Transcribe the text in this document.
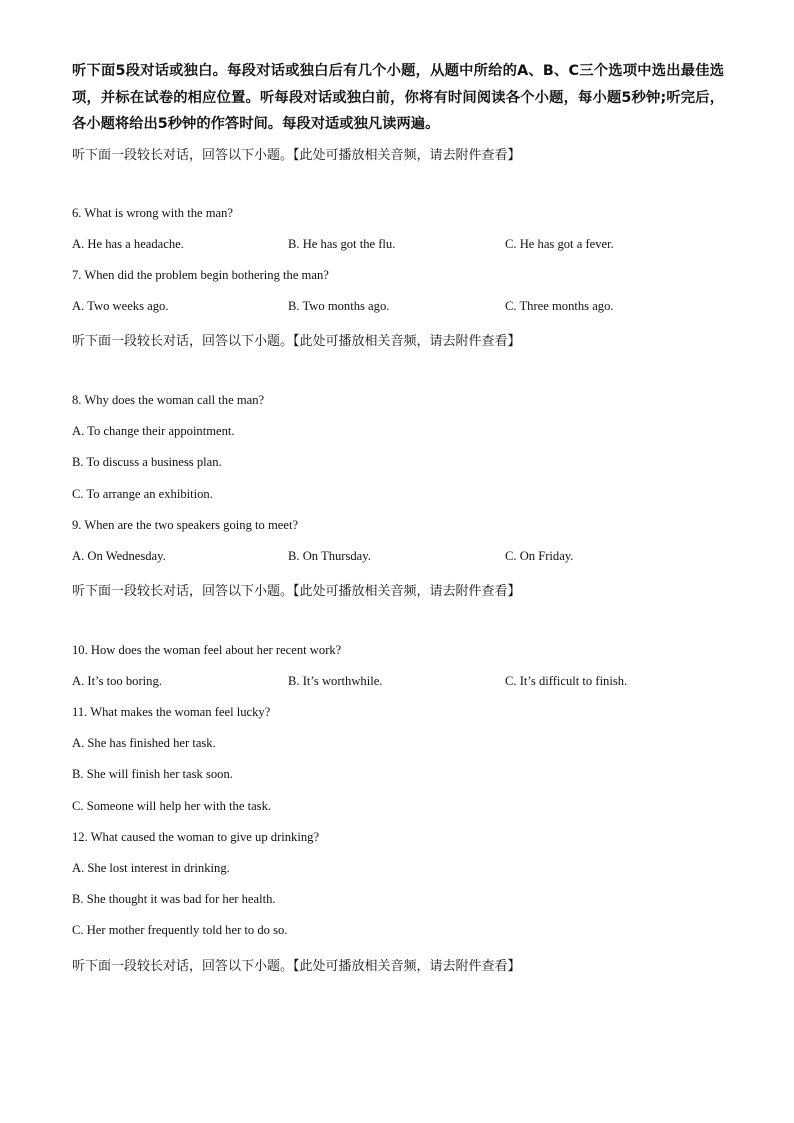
听下面5段对话或独白。每段对话或独白后有几个小题，从题中所给的A、B、C三个选项中选出最佳选项，并标在试卷的相应位置。听每段对话或独白前，你将有时间阅读各个小题，每小题5秒钟;听完后，各小题将给出5秒钟的作答时间。每段对适或独凡读两遍。
听下面一段较长对话，回答以下小题。【此处可播放相关音频，请去附件查看】
6. What is wrong with the man?
A. He has a headache.	B. He has got the flu.	C. He has got a fever.
7. When did the problem begin bothering the man?
A. Two weeks ago.	B. Two months ago.	C. Three months ago.
听下面一段较长对话，回答以下小题。【此处可播放相关音频，请去附件查看】
8. Why does the woman call the man?
A. To change their appointment.
B. To discuss a business plan.
C. To arrange an exhibition.
9. When are the two speakers going to meet?
A. On Wednesday.	B. On Thursday.	C. On Friday.
听下面一段较长对话，回答以下小题。【此处可播放相关音频，请去附件查看】
10. How does the woman feel about her recent work?
A. It’s too boring.	B. It’s worthwhile.	C. It’s difficult to finish.
11. What makes the woman feel lucky?
A. She has finished her task.
B. She will finish her task soon.
C. Someone will help her with the task.
12. What caused the woman to give up drinking?
A. She lost interest in drinking.
B. She thought it was bad for her health.
C. Her mother frequently told her to do so.
听下面一段较长对话，回答以下小题。【此处可播放相关音频，请去附件查看】
